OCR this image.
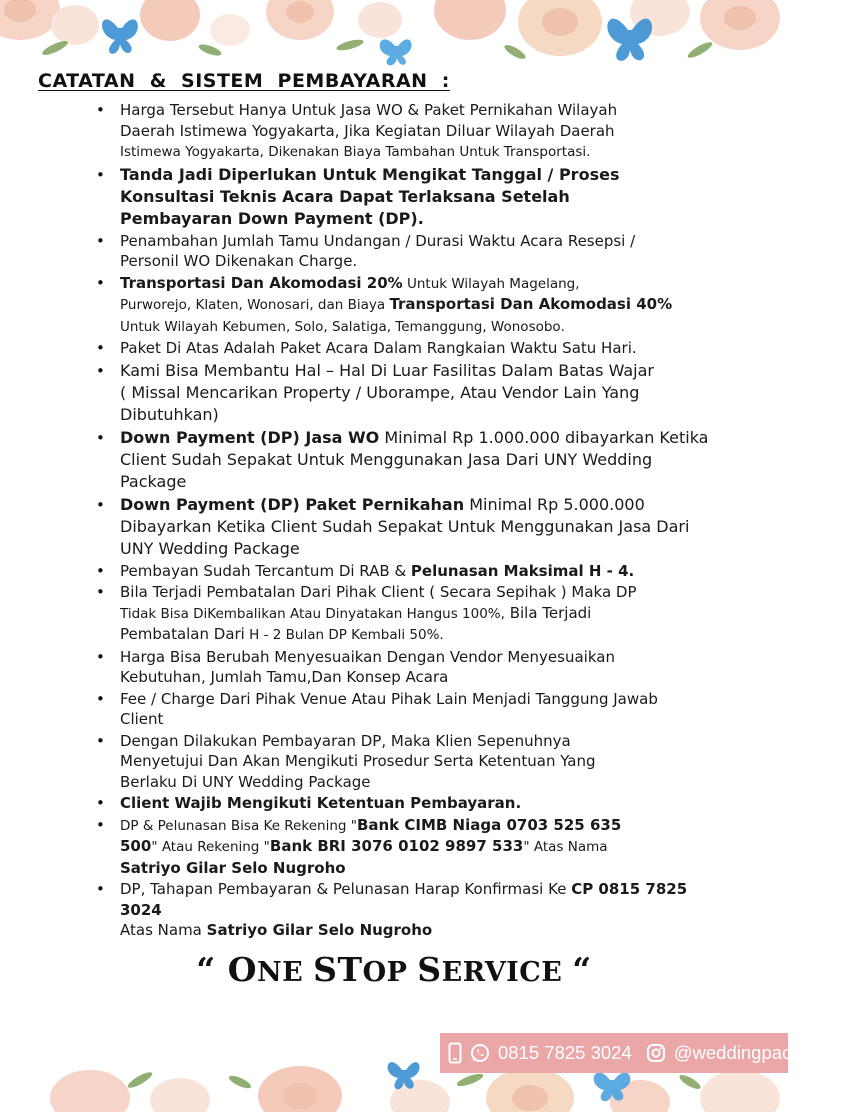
CATATAN  &  SISTEM  PEMBAYARAN  :
• Harga Tersebut Hanya Untuk Jasa WO & Paket Pernikahan Wilayah
Daerah Istimewa Yogyakarta, Jika Kegiatan Diluar Wilayah Daerah
Istimewa Yogyakarta, Dikenakan Biaya Tambahan Untuk Transportasi.
• Tanda Jadi Diperlukan Untuk Mengikat Tanggal / Proses
Konsultasi Teknis Acara Dapat Terlaksana Setelah
Pembayaran Down Payment (DP).
• Penambahan Jumlah Tamu Undangan / Durasi Waktu Acara Resepsi /
Personil WO Dikenakan Charge.
• Transportasi Dan Akomodasi 20% Untuk Wilayah Magelang,
Purworejo, Klaten, Wonosari, dan Biaya Transportasi Dan Akomodasi 40%
Untuk Wilayah Kebumen, Solo, Salatiga, Temanggung, Wonosobo.
• Paket Di Atas Adalah Paket Acara Dalam Rangkaian Waktu Satu Hari.
• Kami Bisa Membantu Hal – Hal Di Luar Fasilitas Dalam Batas Wajar
( Missal Mencarikan Property / Uborampe, Atau Vendor Lain Yang
Dibutuhkan)
• Down Payment (DP) Jasa WO Minimal Rp 1.000.000 dibayarkan Ketika
Client Sudah Sepakat Untuk Menggunakan Jasa Dari UNY Wedding
Package
• Down Payment (DP) Paket Pernikahan Minimal Rp 5.000.000
Dibayarkan Ketika Client Sudah Sepakat Untuk Menggunakan Jasa Dari
UNY Wedding Package
• Pembayan Sudah Tercantum Di RAB & Pelunasan Maksimal H - 4.
• Bila Terjadi Pembatalan Dari Pihak Client ( Secara Sepihak ) Maka DP
Tidak Bisa DiKembalikan Atau Dinyatakan Hangus 100%, Bila Terjadi
Pembatalan Dari H - 2 Bulan DP Kembali 50%.
• Harga Bisa Berubah Menyesuaikan Dengan Vendor Menyesuaikan
Kebutuhan, Jumlah Tamu,Dan Konsep Acara
• Fee / Charge Dari Pihak Venue Atau Pihak Lain Menjadi Tanggung Jawab
Client
• Dengan Dilakukan Pembayaran DP, Maka Klien Sepenuhnya
Menyetujui Dan Akan Mengikuti Prosedur Serta Ketentuan Yang
Berlaku Di UNY Wedding Package
• Client Wajib Mengikuti Ketentuan Pembayaran.
• DP & Pelunasan Bisa Ke Rekening "Bank CIMB Niaga 0703 525 635
500" Atau Rekening "Bank BRI 3076 0102 9897 533" Atas Nama
Satriyo Gilar Selo Nugroho
• DP, Tahapan Pembayaran & Pelunasan Harap Konfirmasi Ke CP 0815 7825
3024
Atas Nama Satriyo Gilar Selo Nugroho
“ ONE STOP SERVICE “
0815 7825 3024 @weddingpackageuny
